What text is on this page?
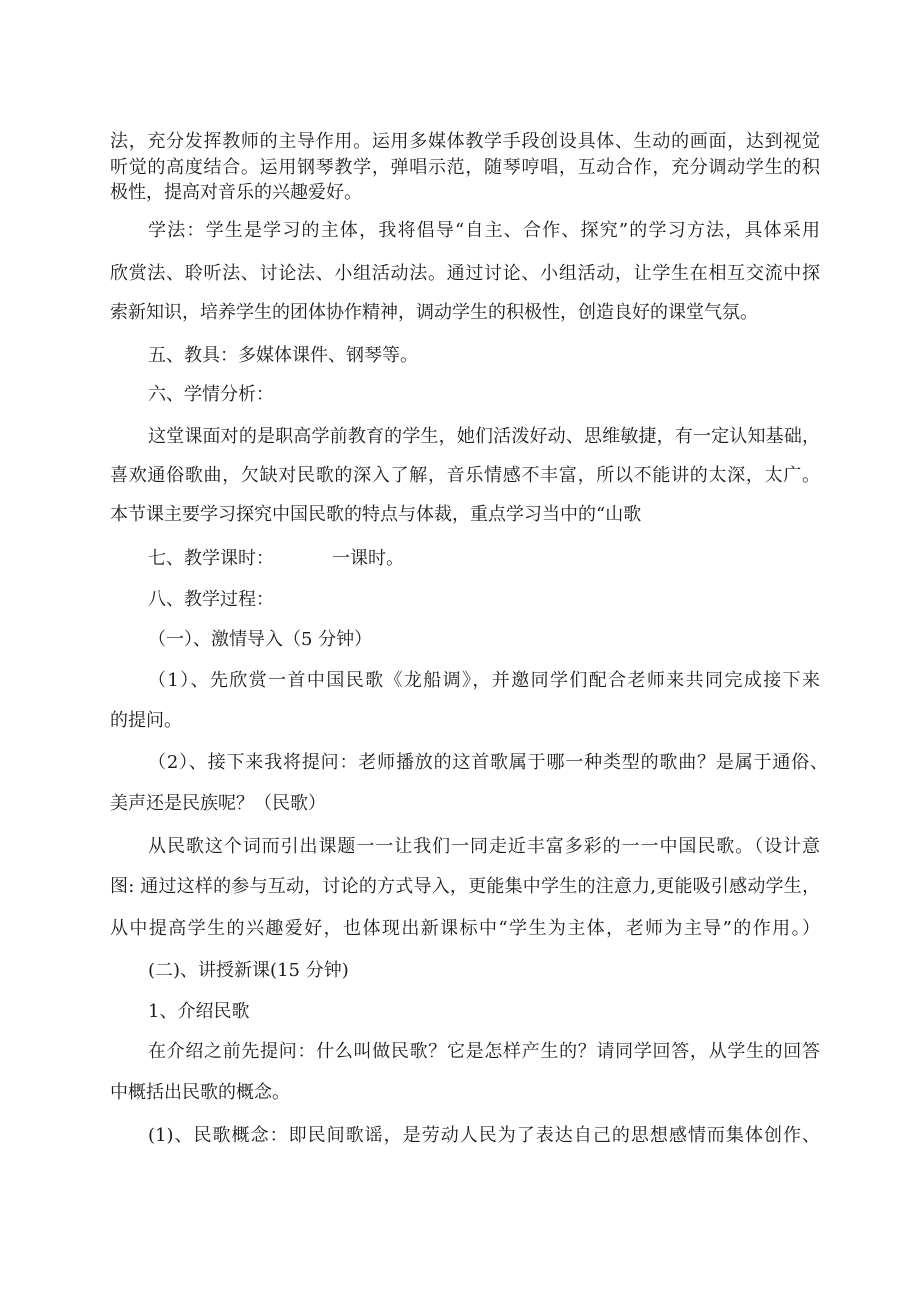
法，充分发挥教师的主导作用。运用多媒体教学手段创设具体、生动的画面，达到视觉

听觉的高度结合。运用钢琴教学，弹唱示范，随琴哼唱，互动合作，充分调动学生的积

极性，提高对音乐的兴趣爱好。

学法：学生是学习的主体，我将倡导“自主、合作、探究”的学习方法，具体采用

欣赏法、聆听法、讨论法、小组活动法。通过讨论、小组活动，让学生在相互交流中探

索新知识，培养学生的团体协作精神，调动学生的积极性，创造良好的课堂气氛。

五、教具：多媒体课件、钢琴等。

六、学情分析：

这堂课面对的是职高学前教育的学生，她们活泼好动、思维敏捷，有一定认知基础，

喜欢通俗歌曲，欠缺对民歌的深入了解，音乐情感不丰富，所以不能讲的太深，太广。

本节课主要学习探究中国民歌的特点与体裁，重点学习当中的“山歌

七、教学课时：	一课时。

八、教学过程：

（一）、激情导入（5 分钟）

（1）、先欣赏一首中国民歌《龙船调》，并邀同学们配合老师来共同完成接下来

的提问。

（2）、接下来我将提问：老师播放的这首歌属于哪一种类型的歌曲？是属于通俗、

美声还是民族呢？（民歌）

从民歌这个词而引出课题一一让我们一同走近丰富多彩的一一中国民歌。（设计意

图: 通过这样的参与互动，讨论的方式导入，更能集中学生的注意力,更能吸引感动学生，

从中提高学生的兴趣爱好，也体现出新课标中“学生为主体，老师为主导”的作用。）

(二)、讲授新课(15 分钟)

1、介绍民歌

在介绍之前先提问：什么叫做民歌？它是怎样产生的？请同学回答，从学生的回答

中概括出民歌的概念。

(1)、民歌概念：即民间歌谣，是劳动人民为了表达自己的思想感情而集体创作、
